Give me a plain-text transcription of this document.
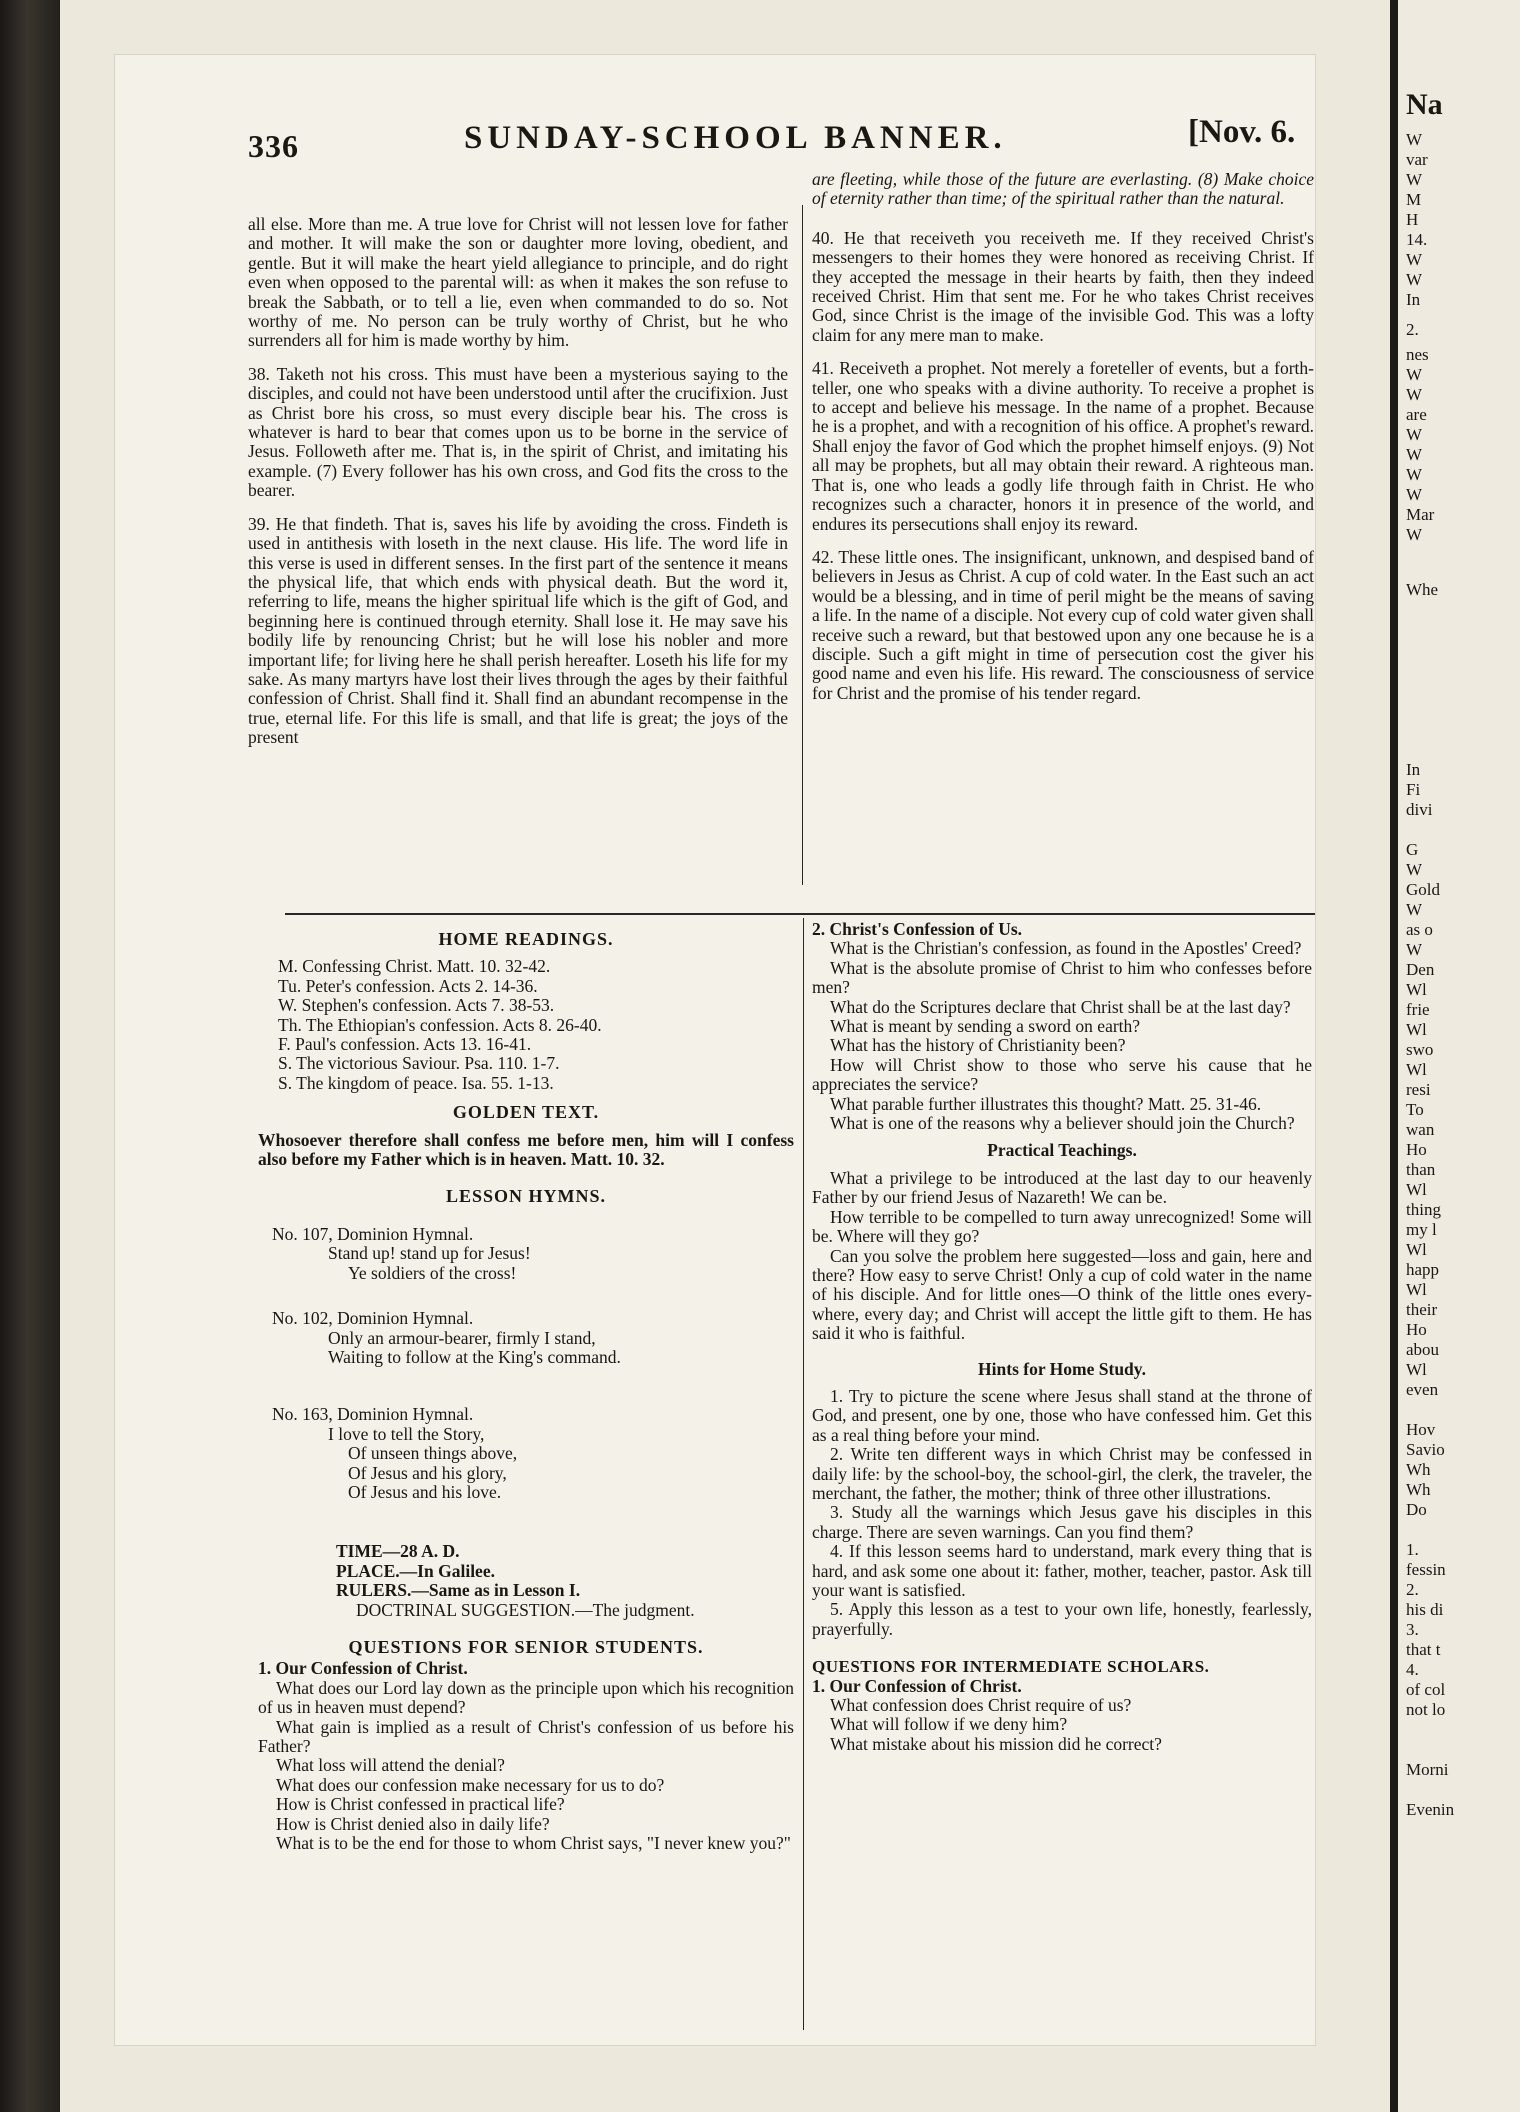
336	SUNDAY-SCHOOL BANNER.	[Nov. 6.

all else. More than me. A true love for Christ will not lessen love for father and mother. It will make the son or daughter more loving, obedient, and gentle. But it will make the heart yield allegiance to principle, and do right even when opposed to the parental will: as when it makes the son refuse to break the Sabbath, or to tell a lie, even when commanded to do so. Not worthy of me. No person can be truly worthy of Christ, but he who surrenders all for him is made worthy by him.

38. Taketh not his cross. This must have been a mysterious saying to the disciples, and could not have been understood until after the crucifixion. Just as Christ bore his cross, so must every disciple bear his. The cross is whatever is hard to bear that comes upon us to be borne in the service of Jesus. Followeth after me. That is, in the spirit of Christ, and imitating his example. (7) Every follower has his own cross, and God fits the cross to the bearer.

39. He that findeth. That is, saves his life by avoiding the cross. Findeth is used in antithesis with loseth in the next clause. His life. The word life in this verse is used in different senses. In the first part of the sentence it means the physical life, that which ends with physical death. But the word it, referring to life, means the higher spiritual life which is the gift of God, and beginning here is continued through eternity. Shall lose it. He may save his bodily life by renouncing Christ; but he will lose his nobler and more important life; for living here he shall perish hereafter. Loseth his life for my sake. As many martyrs have lost their lives through the ages by their faithful confession of Christ. Shall find it. Shall find an abundant recompense in the true, eternal life. For this life is small, and that life is great; the joys of the present

are fleeting, while those of the future are everlasting. (8) Make choice of eternity rather than time; of the spiritual rather than the natural.

40. He that receiveth you receiveth me. If they received Christ's messengers to their homes they were honored as receiving Christ. If they accepted the message in their hearts by faith, then they indeed received Christ. Him that sent me. For he who takes Christ receives God, since Christ is the image of the invisible God. This was a lofty claim for any mere man to make.

41. Receiveth a prophet. Not merely a foreteller of events, but a forth-teller, one who speaks with a divine authority. To receive a prophet is to accept and believe his message. In the name of a prophet. Because he is a prophet, and with a recognition of his office. A prophet's reward. Shall enjoy the favor of God which the prophet himself enjoys. (9) Not all may be prophets, but all may obtain their reward. A righteous man. That is, one who leads a godly life through faith in Christ. He who recognizes such a character, honors it in presence of the world, and endures its persecutions shall enjoy its reward.

42. These little ones. The insignificant, unknown, and despised band of believers in Jesus as Christ. A cup of cold water. In the East such an act would be a blessing, and in time of peril might be the means of saving a life. In the name of a disciple. Not every cup of cold water given shall receive such a reward, but that bestowed upon any one because he is a disciple. Such a gift might in time of persecution cost the giver his good name and even his life. His reward. The consciousness of service for Christ and the promise of his tender regard.

HOME READINGS.
M. Confessing Christ. Matt. 10. 32-42.
Tu. Peter's confession. Acts 2. 14-36.
W. Stephen's confession. Acts 7. 38-53.
Th. The Ethiopian's confession. Acts 8. 26-40.
F. Paul's confession. Acts 13. 16-41.
S. The victorious Saviour. Psa. 110. 1-7.
S. The kingdom of peace. Isa. 55. 1-13.
GOLDEN TEXT.
Whosoever therefore shall confess me before men, him will I confess also before my Father which is in heaven. Matt. 10. 32.
LESSON HYMNS.
No. 107, Dominion Hymnal.
Stand up! stand up for Jesus!
Ye soldiers of the cross!
No. 102, Dominion Hymnal.
Only an armour-bearer, firmly I stand,
Waiting to follow at the King's command.
No. 163, Dominion Hymnal.
I love to tell the Story,
Of unseen things above,
Of Jesus and his glory,
Of Jesus and his love.
TIME—28 A. D.
PLACE.—In Galilee.
RULERS.—Same as in Lesson I.
DOCTRINAL SUGGESTION.—The judgment.
QUESTIONS FOR SENIOR STUDENTS.
1. Our Confession of Christ.
What does our Lord lay down as the principle upon which his recognition of us in heaven must depend?
What gain is implied as a result of Christ's confession of us before his Father?
What loss will attend the denial?
What does our confession make necessary for us to do?
How is Christ confessed in practical life?
How is Christ denied also in daily life?
What is to be the end for those to whom Christ says, "I never knew you?"
2. Christ's Confession of Us.
What is the Christian's confession, as found in the Apostles' Creed?
What is the absolute promise of Christ to him who confesses before men?
What do the Scriptures declare that Christ shall be at the last day?
What is meant by sending a sword on earth?
What has the history of Christianity been?
How will Christ show to those who serve his cause that he appreciates the service?
What parable further illustrates this thought? Matt. 25. 31-46.
What is one of the reasons why a believer should join the Church?
Practical Teachings.
What a privilege to be introduced at the last day to our heavenly Father by our friend Jesus of Nazareth! We can be.
How terrible to be compelled to turn away unrecognized! Some will be. Where will they go?
Can you solve the problem here suggested—loss and gain, here and there? How easy to serve Christ! Only a cup of cold water in the name of his disciple. And for little ones—O think of the little ones every-where, every day; and Christ will accept the little gift to them. He has said it who is faithful.
Hints for Home Study.
1. Try to picture the scene where Jesus shall stand at the throne of God, and present, one by one, those who have confessed him. Get this as a real thing before your mind.
2. Write ten different ways in which Christ may be confessed in daily life: by the school-boy, the school-girl, the clerk, the traveler, the merchant, the father, the mother; think of three other illustrations.
3. Study all the warnings which Jesus gave his disciples in this charge. There are seven warnings. Can you find them?
4. If this lesson seems hard to understand, mark every thing that is hard, and ask some one about it: father, mother, teacher, pastor. Ask till your want is satisfied.
5. Apply this lesson as a test to your own life, honestly, fearlessly, prayerfully.
QUESTIONS FOR INTERMEDIATE SCHOLARS.
1. Our Confession of Christ.
What confession does Christ require of us?
What will follow if we deny him?
What mistake about his mission did he correct?
Na
W
var
W
M
H
14.
W
W
In
2.
nes
W
W
are
W
W
W
W
Mar
W
Whe
In
Fi
divi
G
W
Gold
W
as o
W
Den
Wl
frie
Wl
swo
Wl
resi
To
wan
Ho
than
Wl
thing
my l
Wl
happ
Wl
their
Ho
abou
Wl
even
Hov
Savio
Wh
Wh
Do
1.
fessin
2.
his di
3.
that t
4.
of col
not lo
Morni
Evenin
